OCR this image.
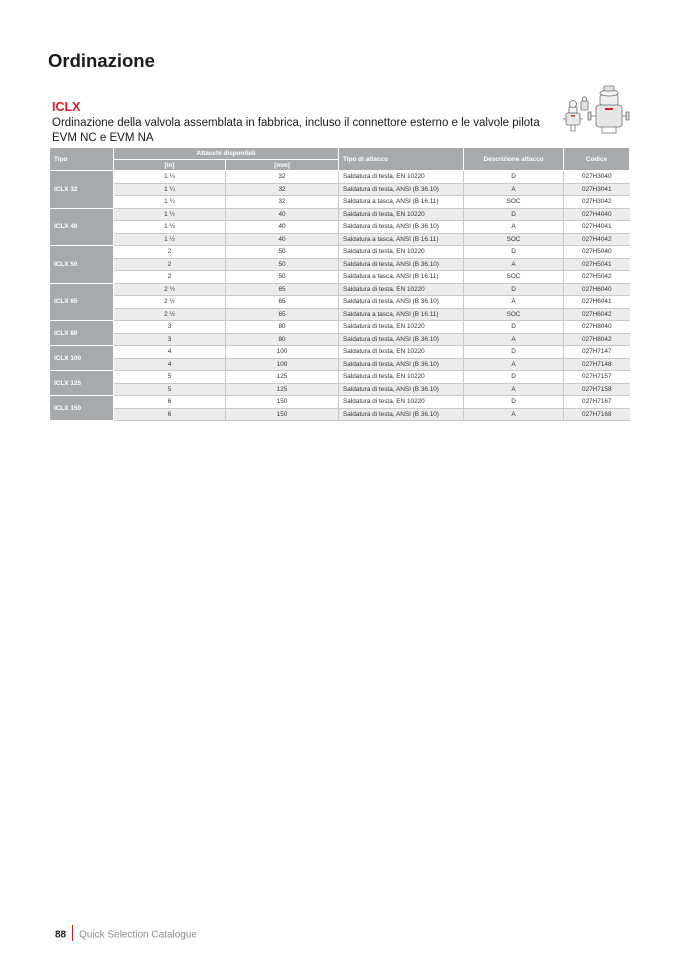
Ordinazione
ICLX

Ordinazione della valvola assemblata in fabbrica, incluso il connettore esterno e le valvole pilota EVM NC e EVM NA

Tipo	Attacchi disponibili		Tipo di attacco	Descrizione attacco	Codice
	[in]	[mm]			
ICLX 32	1 ¼	32	Saldatura di testa, EN 10220	D	027H3040
	1 ¼	32	Saldatura di testa, ANSI (B 36.10)	A	027H3041
	1 ¼	32	Saldatura a tasca, ANSI (B 16.11)	SOC	027H3042
ICLX 40	1 ½	40	Saldatura di testa, EN 10220	D	027H4040
	1 ½	40	Saldatura di testa, ANSI (B 36.10)	A	027H4041
	1 ½	40	Saldatura a tasca, ANSI (B 16.11)	SOC	027H4042
ICLX 50	2	50	Saldatura di testa, EN 10220	D	027H5040
	2	50	Saldatura di testa, ANSI (B 36.10)	A	027H5041
	2	50	Saldatura a tasca, ANSI (B 16.11)	SOC	027H5042
ICLX 65	2 ½	65	Saldatura di testa, EN 10220	D	027H6040
	2 ½	65	Saldatura di testa, ANSI (B 36.10)	A	027H6041
	2 ½	65	Saldatura a tasca, ANSI (B 16.11)	SOC	027H6042
ICLX 80	3	80	Saldatura di testa, EN 10220	D	027H8040
	3	80	Saldatura di testa, ANSI (B 36.10)	A	027H8042
ICLX 100	4	100	Saldatura di testa, EN 10220	D	027H7147
	4	100	Saldatura di testa, ANSI (B 36.10)	A	027H7148
ICLX 125	5	125	Saldatura di testa, EN 10220	D	027H7157
	5	125	Saldatura di testa, ANSI (B 36.10)	A	027H7158
ICLX 150	6	150	Saldatura di testa, EN 10220	D	027H7167
	6	150	Saldatura di testa, ANSI (B 36.10)	A	027H7168
88 Quick Selection Catalogue
